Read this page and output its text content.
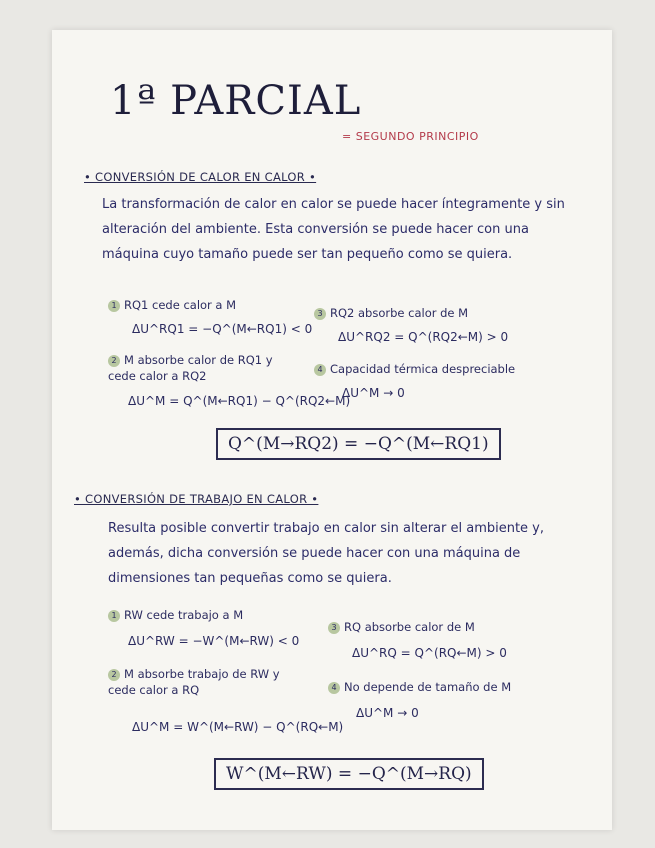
1ª PARCIAL
= SEGUNDO PRINCIPIO
• CONVERSIÓN DE CALOR EN CALOR •
La transformación de calor en calor se puede hacer íntegramente y sin alteración del ambiente. Esta conversión se puede hacer con una máquina cuyo tamaño puede ser tan pequeño como se quiera.
1 RQ1 cede calor a M
ΔU^RQ1 = −Q^(M←RQ1) < 0
3 RQ2 absorbe calor de M
ΔU^RQ2 = Q^(RQ2←M) > 0
2 M absorbe calor de RQ1 y cede calor a RQ2
ΔU^M = Q^(M←RQ1) − Q^(RQ2←M)
4 Capacidad térmica despreciable
ΔU^M → 0
Q^(M→RQ2) = −Q^(M←RQ1)
• CONVERSIÓN DE TRABAJO EN CALOR •
Resulta posible convertir trabajo en calor sin alterar el ambiente y, además, dicha conversión se puede hacer con una máquina de dimensiones tan pequeñas como se quiera.
1 RW cede trabajo a M
ΔU^RW = −W^(M←RW) < 0
3 RQ absorbe calor de M
ΔU^RQ = Q^(RQ←M) > 0
2 M absorbe trabajo de RW y cede calor a RQ
ΔU^M = W^(M←RW) − Q^(RQ←M)
4 No depende de tamaño de M
ΔU^M → 0
W^(M←RW) = −Q^(M→RQ)
